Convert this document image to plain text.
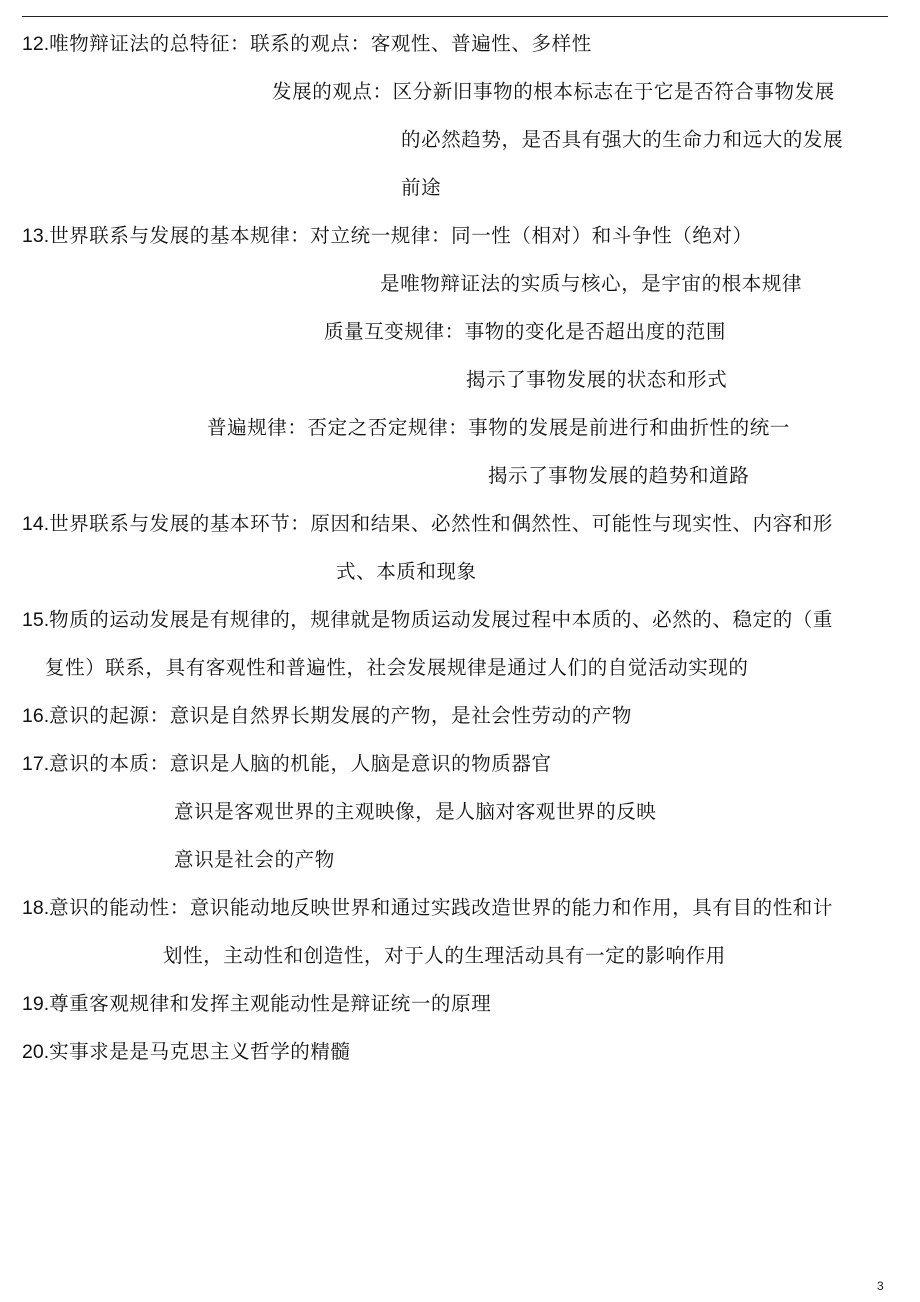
12.唯物辩证法的总特征：联系的观点：客观性、普遍性、多样性
发展的观点：区分新旧事物的根本标志在于它是否符合事物发展
的必然趋势，是否具有强大的生命力和远大的发展
前途
13.世界联系与发展的基本规律：对立统一规律：同一性（相对）和斗争性（绝对）
是唯物辩证法的实质与核心，是宇宙的根本规律
质量互变规律：事物的变化是否超出度的范围
揭示了事物发展的状态和形式
普遍规律：否定之否定规律：事物的发展是前进行和曲折性的统一
揭示了事物发展的趋势和道路
14.世界联系与发展的基本环节：原因和结果、必然性和偶然性、可能性与现实性、内容和形
式、本质和现象
15.物质的运动发展是有规律的，规律就是物质运动发展过程中本质的、必然的、稳定的（重
复性）联系，具有客观性和普遍性，社会发展规律是通过人们的自觉活动实现的
16.意识的起源：意识是自然界长期发展的产物，是社会性劳动的产物
17.意识的本质：意识是人脑的机能，人脑是意识的物质器官
意识是客观世界的主观映像，是人脑对客观世界的反映
意识是社会的产物
18.意识的能动性：意识能动地反映世界和通过实践改造世界的能力和作用，具有目的性和计
划性，主动性和创造性，对于人的生理活动具有一定的影响作用
19.尊重客观规律和发挥主观能动性是辩证统一的原理
20.实事求是是马克思主义哲学的精髓
3
